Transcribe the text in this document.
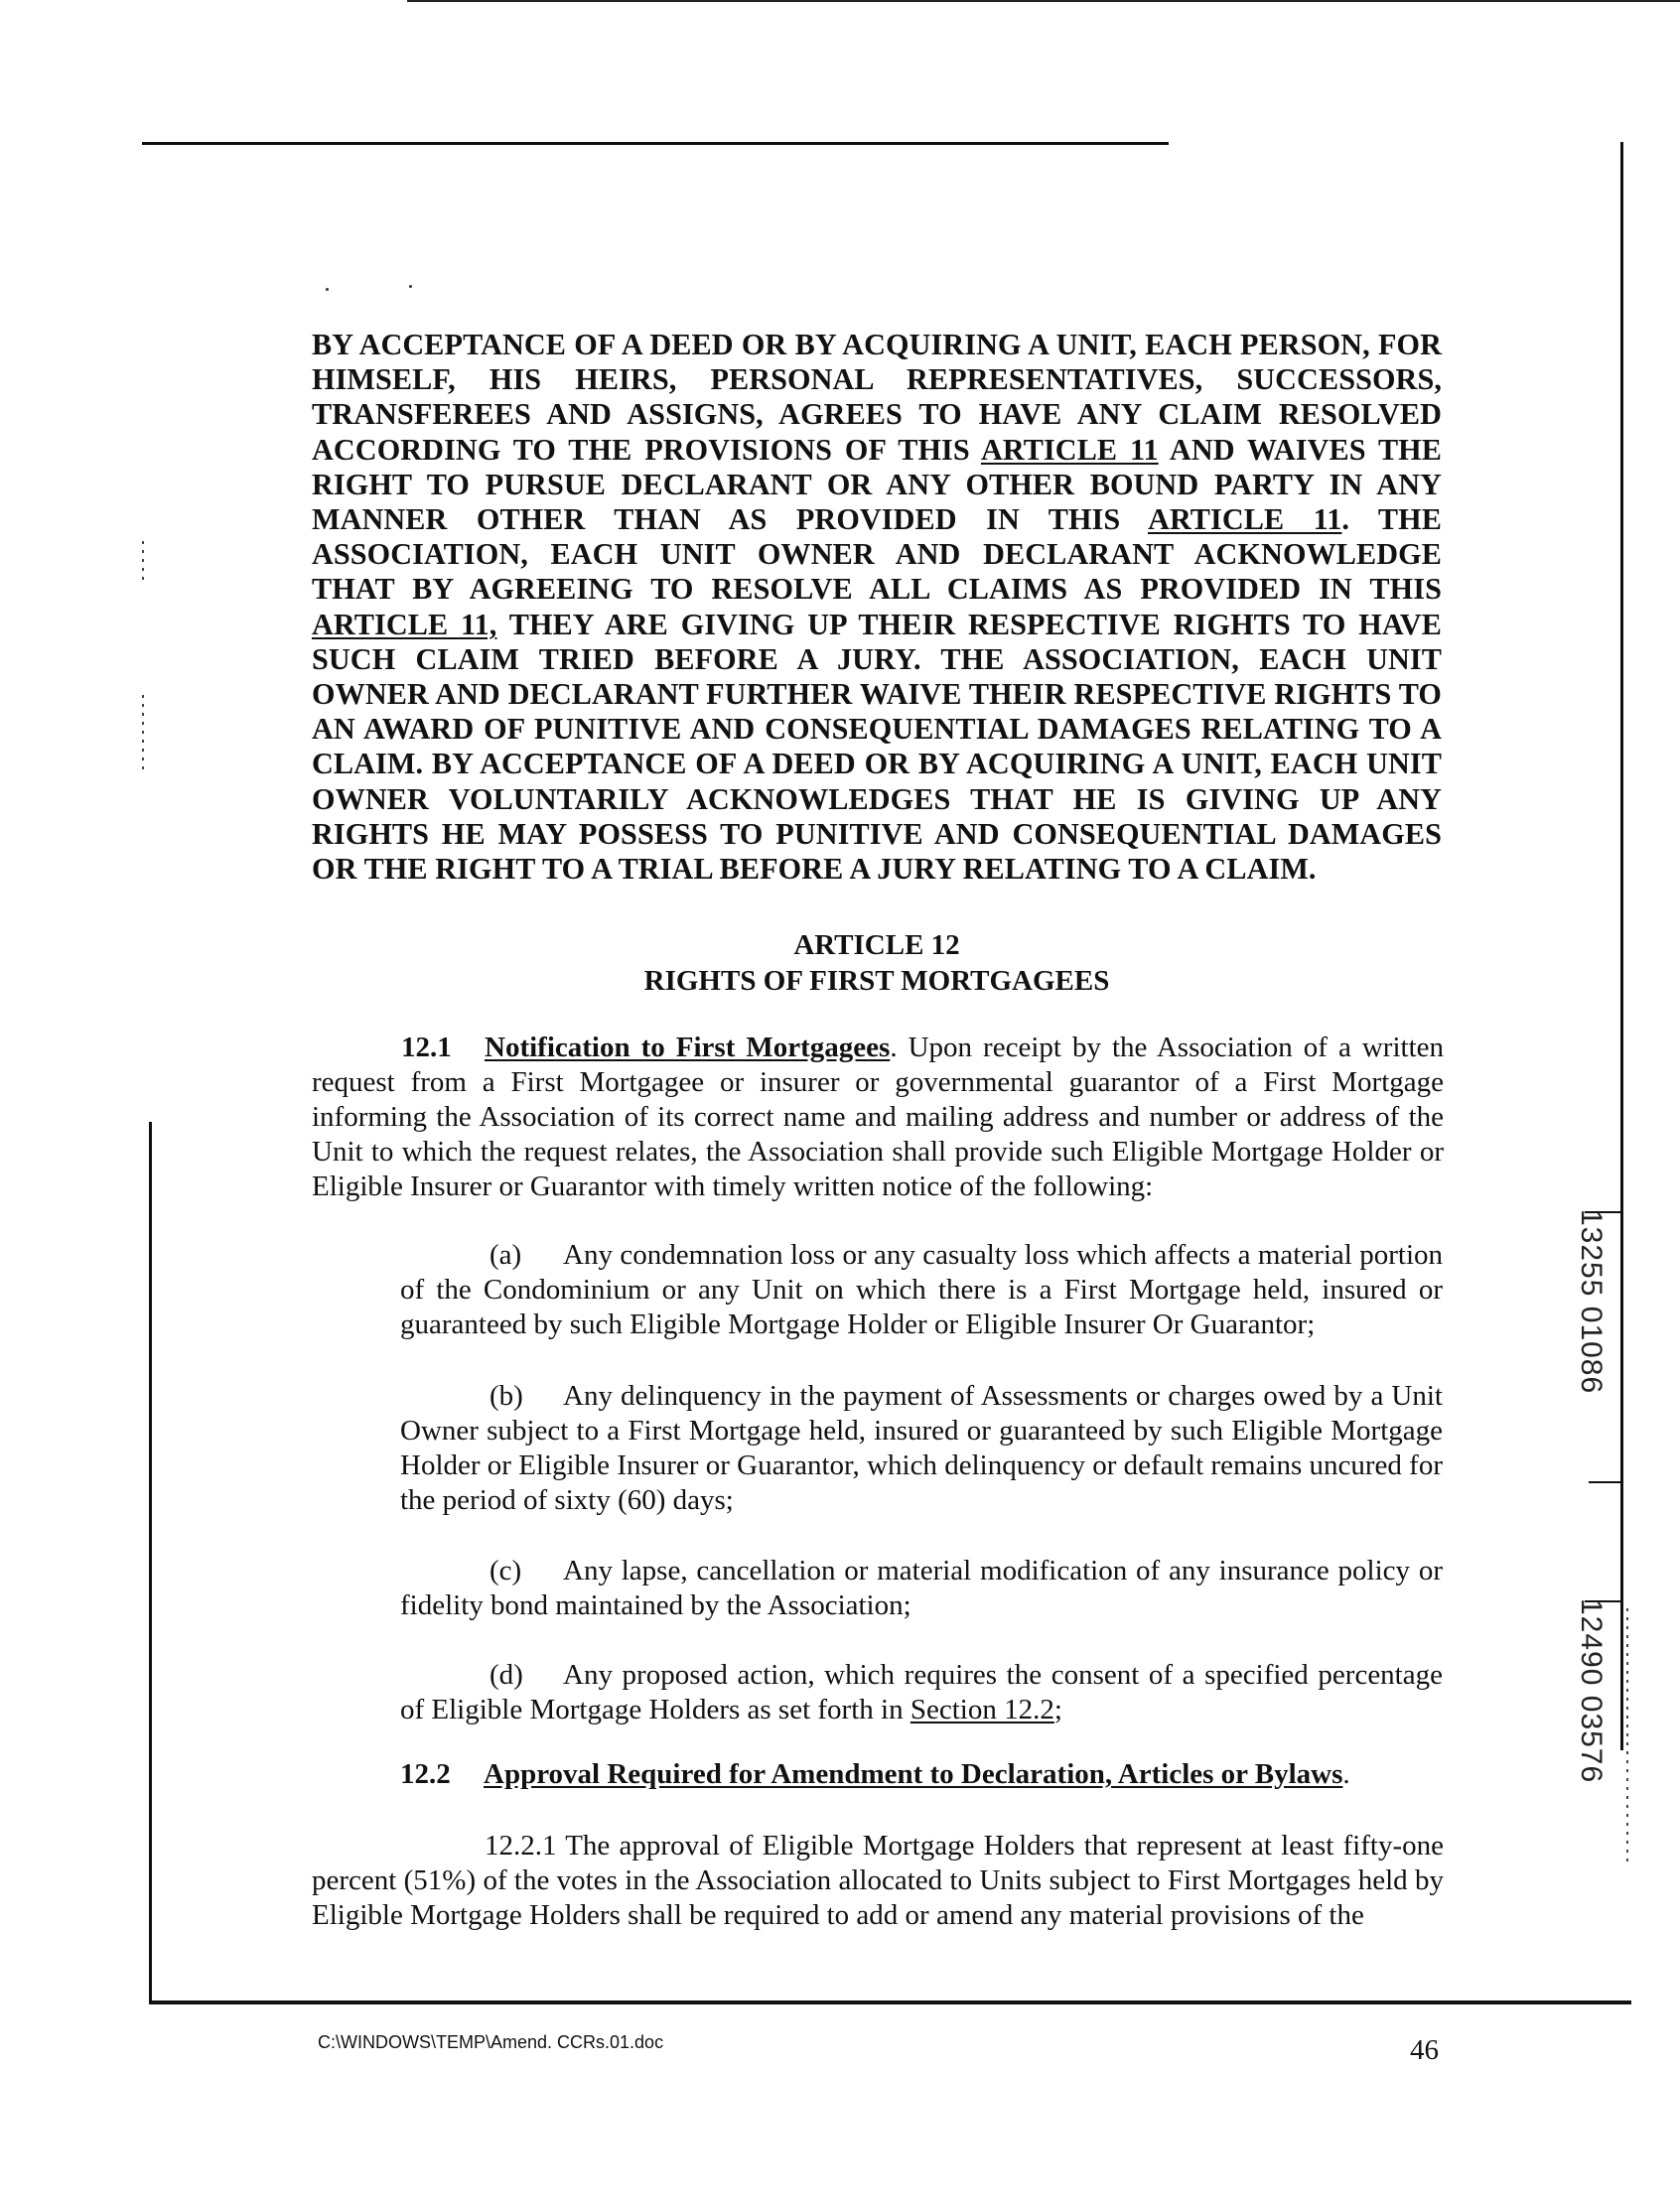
BY ACCEPTANCE OF A DEED OR BY ACQUIRING A UNIT, EACH PERSON, FOR HIMSELF, HIS HEIRS, PERSONAL REPRESENTATIVES, SUCCESSORS, TRANSFEREES AND ASSIGNS, AGREES TO HAVE ANY CLAIM RESOLVED ACCORDING TO THE PROVISIONS OF THIS ARTICLE 11 AND WAIVES THE RIGHT TO PURSUE DECLARANT OR ANY OTHER BOUND PARTY IN ANY MANNER OTHER THAN AS PROVIDED IN THIS ARTICLE 11. THE ASSOCIATION, EACH UNIT OWNER AND DECLARANT ACKNOWLEDGE THAT BY AGREEING TO RESOLVE ALL CLAIMS AS PROVIDED IN THIS ARTICLE 11, THEY ARE GIVING UP THEIR RESPECTIVE RIGHTS TO HAVE SUCH CLAIM TRIED BEFORE A JURY. THE ASSOCIATION, EACH UNIT OWNER AND DECLARANT FURTHER WAIVE THEIR RESPECTIVE RIGHTS TO AN AWARD OF PUNITIVE AND CONSEQUENTIAL DAMAGES RELATING TO A CLAIM. BY ACCEPTANCE OF A DEED OR BY ACQUIRING A UNIT, EACH UNIT OWNER VOLUNTARILY ACKNOWLEDGES THAT HE IS GIVING UP ANY RIGHTS HE MAY POSSESS TO PUNITIVE AND CONSEQUENTIAL DAMAGES OR THE RIGHT TO A TRIAL BEFORE A JURY RELATING TO A CLAIM.
ARTICLE 12
RIGHTS OF FIRST MORTGAGEES
12.1 Notification to First Mortgagees. Upon receipt by the Association of a written request from a First Mortgagee or insurer or governmental guarantor of a First Mortgage informing the Association of its correct name and mailing address and number or address of the Unit to which the request relates, the Association shall provide such Eligible Mortgage Holder or Eligible Insurer or Guarantor with timely written notice of the following:
(a) Any condemnation loss or any casualty loss which affects a material portion of the Condominium or any Unit on which there is a First Mortgage held, insured or guaranteed by such Eligible Mortgage Holder or Eligible Insurer Or Guarantor;
(b) Any delinquency in the payment of Assessments or charges owed by a Unit Owner subject to a First Mortgage held, insured or guaranteed by such Eligible Mortgage Holder or Eligible Insurer or Guarantor, which delinquency or default remains uncured for the period of sixty (60) days;
(c) Any lapse, cancellation or material modification of any insurance policy or fidelity bond maintained by the Association;
(d) Any proposed action, which requires the consent of a specified percentage of Eligible Mortgage Holders as set forth in Section 12.2;
12.2 Approval Required for Amendment to Declaration, Articles or Bylaws.
12.2.1 The approval of Eligible Mortgage Holders that represent at least fifty-one percent (51%) of the votes in the Association allocated to Units subject to First Mortgages held by Eligible Mortgage Holders shall be required to add or amend any material provisions of the
C:\WINDOWS\TEMP\Amend. CCRs.01.doc	46
13255 01086
12490 03576
